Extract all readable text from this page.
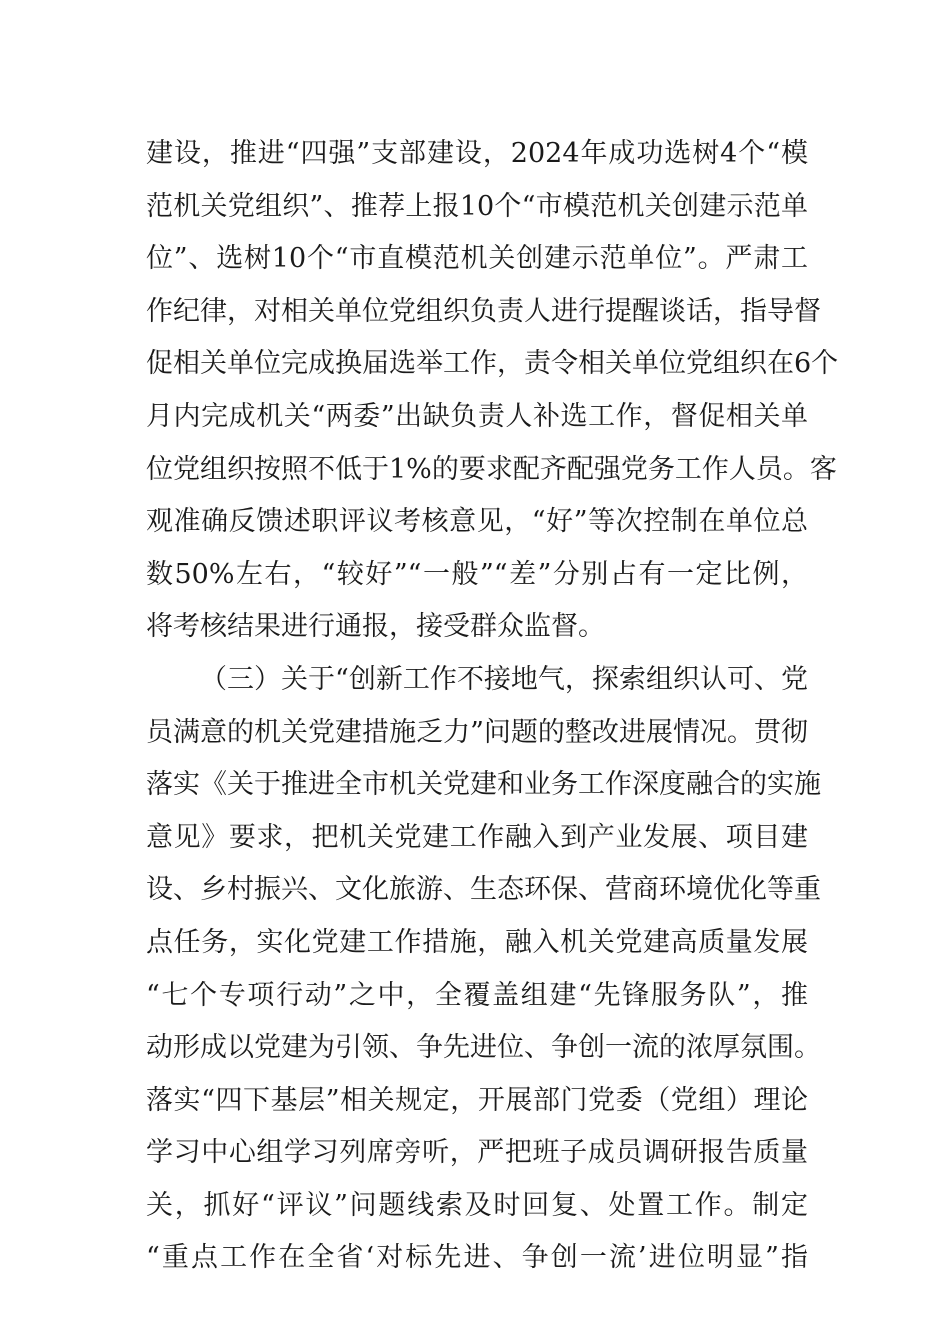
建设，推进“四强”支部建设，2024年成功选树4个“模
范机关党组织”、推荐上报10个“市模范机关创建示范单
位”、选树10个“市直模范机关创建示范单位”。严肃工
作纪律，对相关单位党组织负责人进行提醒谈话，指导督
促相关单位完成换届选举工作，责令相关单位党组织在6个
月内完成机关“两委”出缺负责人补选工作，督促相关单
位党组织按照不低于1%的要求配齐配强党务工作人员。客
观准确反馈述职评议考核意见，“好”等次控制在单位总
数50%左右，“较好”“一般”“差”分别占有一定比例，
将考核结果进行通报，接受群众监督。
（三）关于“创新工作不接地气，探索组织认可、党
员满意的机关党建措施乏力”问题的整改进展情况。贯彻
落实《关于推进全市机关党建和业务工作深度融合的实施
意见》要求，把机关党建工作融入到产业发展、项目建
设、乡村振兴、文化旅游、生态环保、营商环境优化等重
点任务，实化党建工作措施，融入机关党建高质量发展
“七个专项行动”之中，全覆盖组建“先锋服务队”，推
动形成以党建为引领、争先进位、争创一流的浓厚氛围。
落实“四下基层”相关规定，开展部门党委（党组）理论
学习中心组学习列席旁听，严把班子成员调研报告质量
关，抓好“评议”问题线索及时回复、处置工作。制定
“重点工作在全省‘对标先进、争创一流’进位明显”指
